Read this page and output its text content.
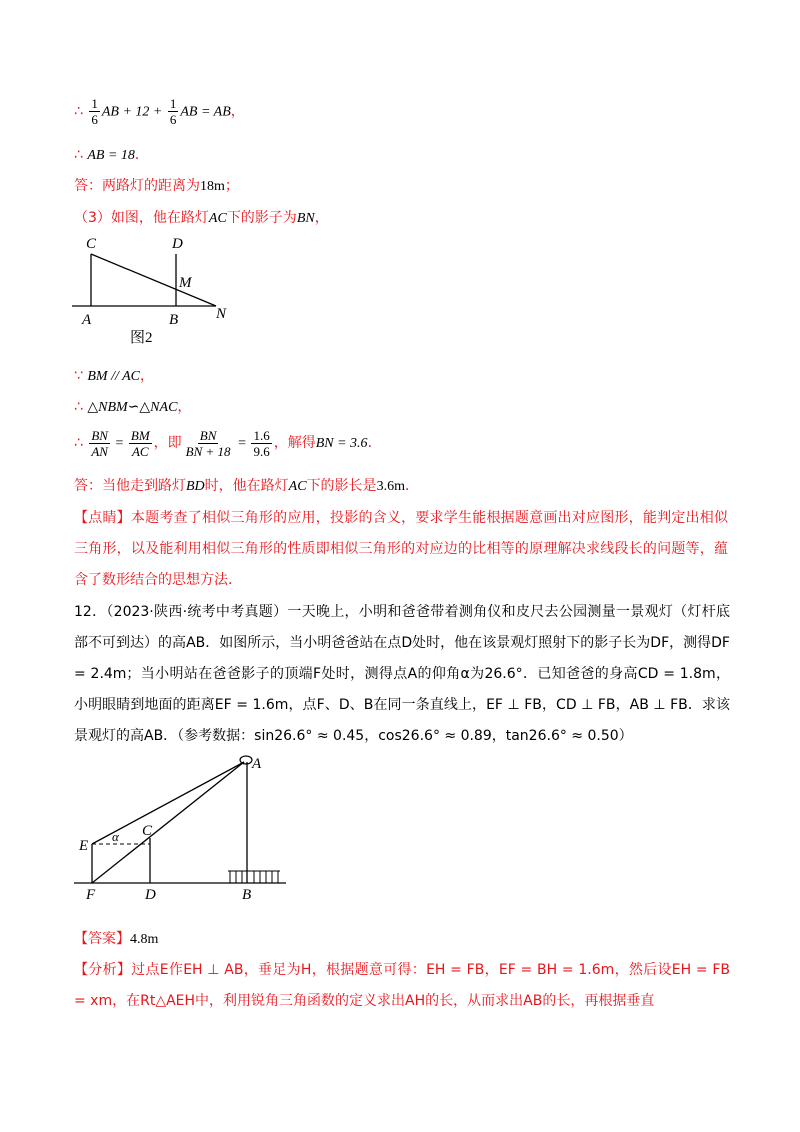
∴ $\frac{1}{6}$ AB + $12 + \frac{1}{6}$ AB = AB，
∴ AB = 18．
答：两路灯的距离为18m；
（3）如图，他在路灯AC下的影子为BN，
C	D
M
A	B	N
图2
∵ BM // AC，
∴ △NBM∽△NAC，
∴ $\frac{BN}{AN} = \frac{BM}{AC}$ ，即 $\frac{BN}{BN + 18} = \frac{1.6}{9.6}$ ，解得BN = 3.6．
答：当他走到路灯BD时，他在路灯AC下的影长是3.6m．
【点睛】本题考查了相似三角形的应用，投影的含义，要求学生能根据题意画出对应图形，能判定出相似三角形，以及能利用相似三角形的性质即相似三角形的对应边的比相等的原理解决求线段长的问题等，蕴含了数形结合的思想方法．
12．（2023·陕西·统考中考真题）一天晚上，小明和爸爸带着测角仪和皮尺去公园测量一景观灯（灯杆底部不可到达）的高AB．如图所示，当小明爸爸站在点D处时，他在该景观灯照射下的影子长为DF，测得DF = 2.4m；当小明站在爸爸影子的顶端F处时，测得点A的仰角α为26.6°．已知爸爸的身高CD = 1.8m，小明眼睛到地面的距离EF = 1.6m，点F、D、B在同一条直线上，EF ⊥ FB，CD ⊥ FB，AB ⊥ FB．求该景观灯的高AB．（参考数据：sin26.6° ≈ 0.45，cos26.6° ≈ 0.89，tan26.6° ≈ 0.50）
A
E
C
α
F	D	B
【答案】4.8m
【分析】过点E作EH ⊥ AB，垂足为H，根据题意可得：EH = FB，EF = BH = 1.6m，然后设EH = FB = xm，在Rt△AEH中，利用锐角三角函数的定义求出AH的长，从而求出AB的长，再根据垂直
